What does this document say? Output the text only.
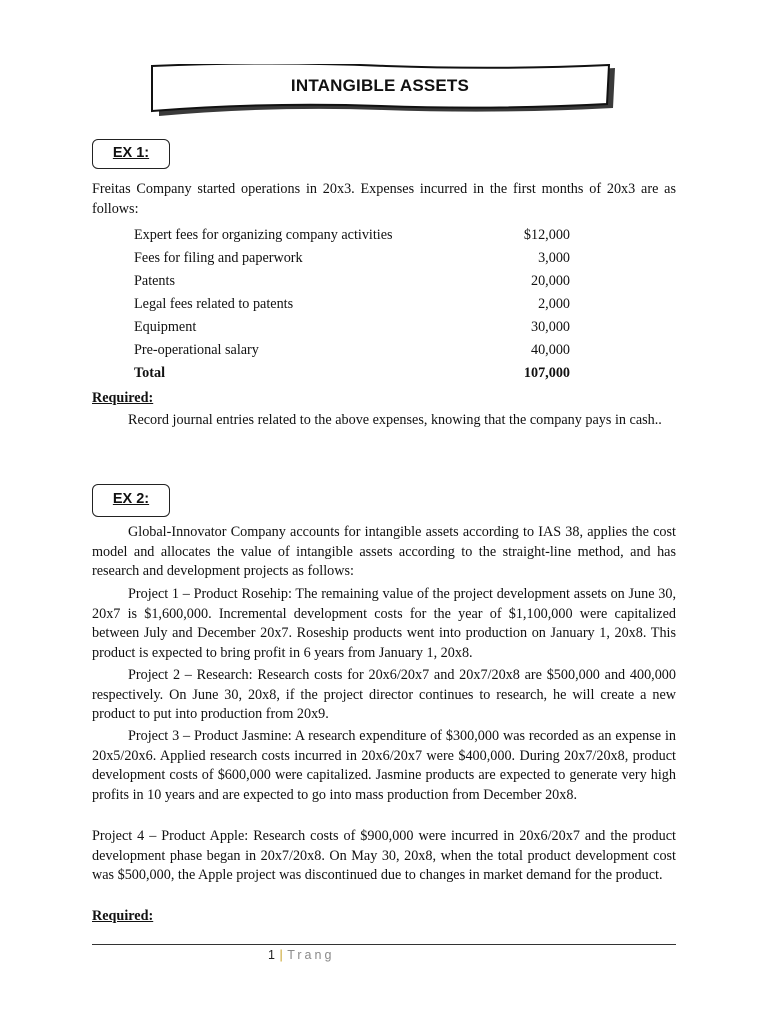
INTANGIBLE ASSETS
EX 1:

Freitas Company started operations in 20x3. Expenses incurred in the first months of 20x3 are as follows:

Expert fees for organizing company activities	$12,000
Fees for filing and paperwork	3,000
Patents	20,000
Legal fees related to patents	2,000
Equipment	30,000
Pre-operational salary	40,000
Total	107,000
Required:

Record journal entries related to the above expenses, knowing that the company pays in cash..

EX 2:

Global-Innovator Company accounts for intangible assets according to IAS 38, applies the cost model and allocates the value of intangible assets according to the straight-line method, and has research and development projects as follows:

Project 1 – Product Rosehip: The remaining value of the project development assets on June 30, 20x7 is $1,600,000. Incremental development costs for the year of $1,100,000 were capitalized between July and December 20x7. Roseship products went into production on January 1, 20x8. This product is expected to bring profit in 6 years from January 1, 20x8.

Project 2 – Research: Research costs for 20x6/20x7 and 20x7/20x8 are $500,000 and 400,000 respectively. On June 30, 20x8, if the project director continues to research, he will create a new product to put into production from 20x9.

Project 3 – Product Jasmine: A research expenditure of $300,000 was recorded as an expense in 20x5/20x6. Applied research costs incurred in 20x6/20x7 were $400,000. During 20x7/20x8, product development costs of $600,000 were capitalized. Jasmine products are expected to generate very high profits in 10 years and are expected to go into mass production from December 20x8.

Project 4 – Product Apple: Research costs of $900,000 were incurred in 20x6/20x7 and the product development phase began in 20x7/20x8. On May 30, 20x8, when the total product development cost was $500,000, the Apple project was discontinued due to changes in market demand for the product.

Required:
1 | Trang
